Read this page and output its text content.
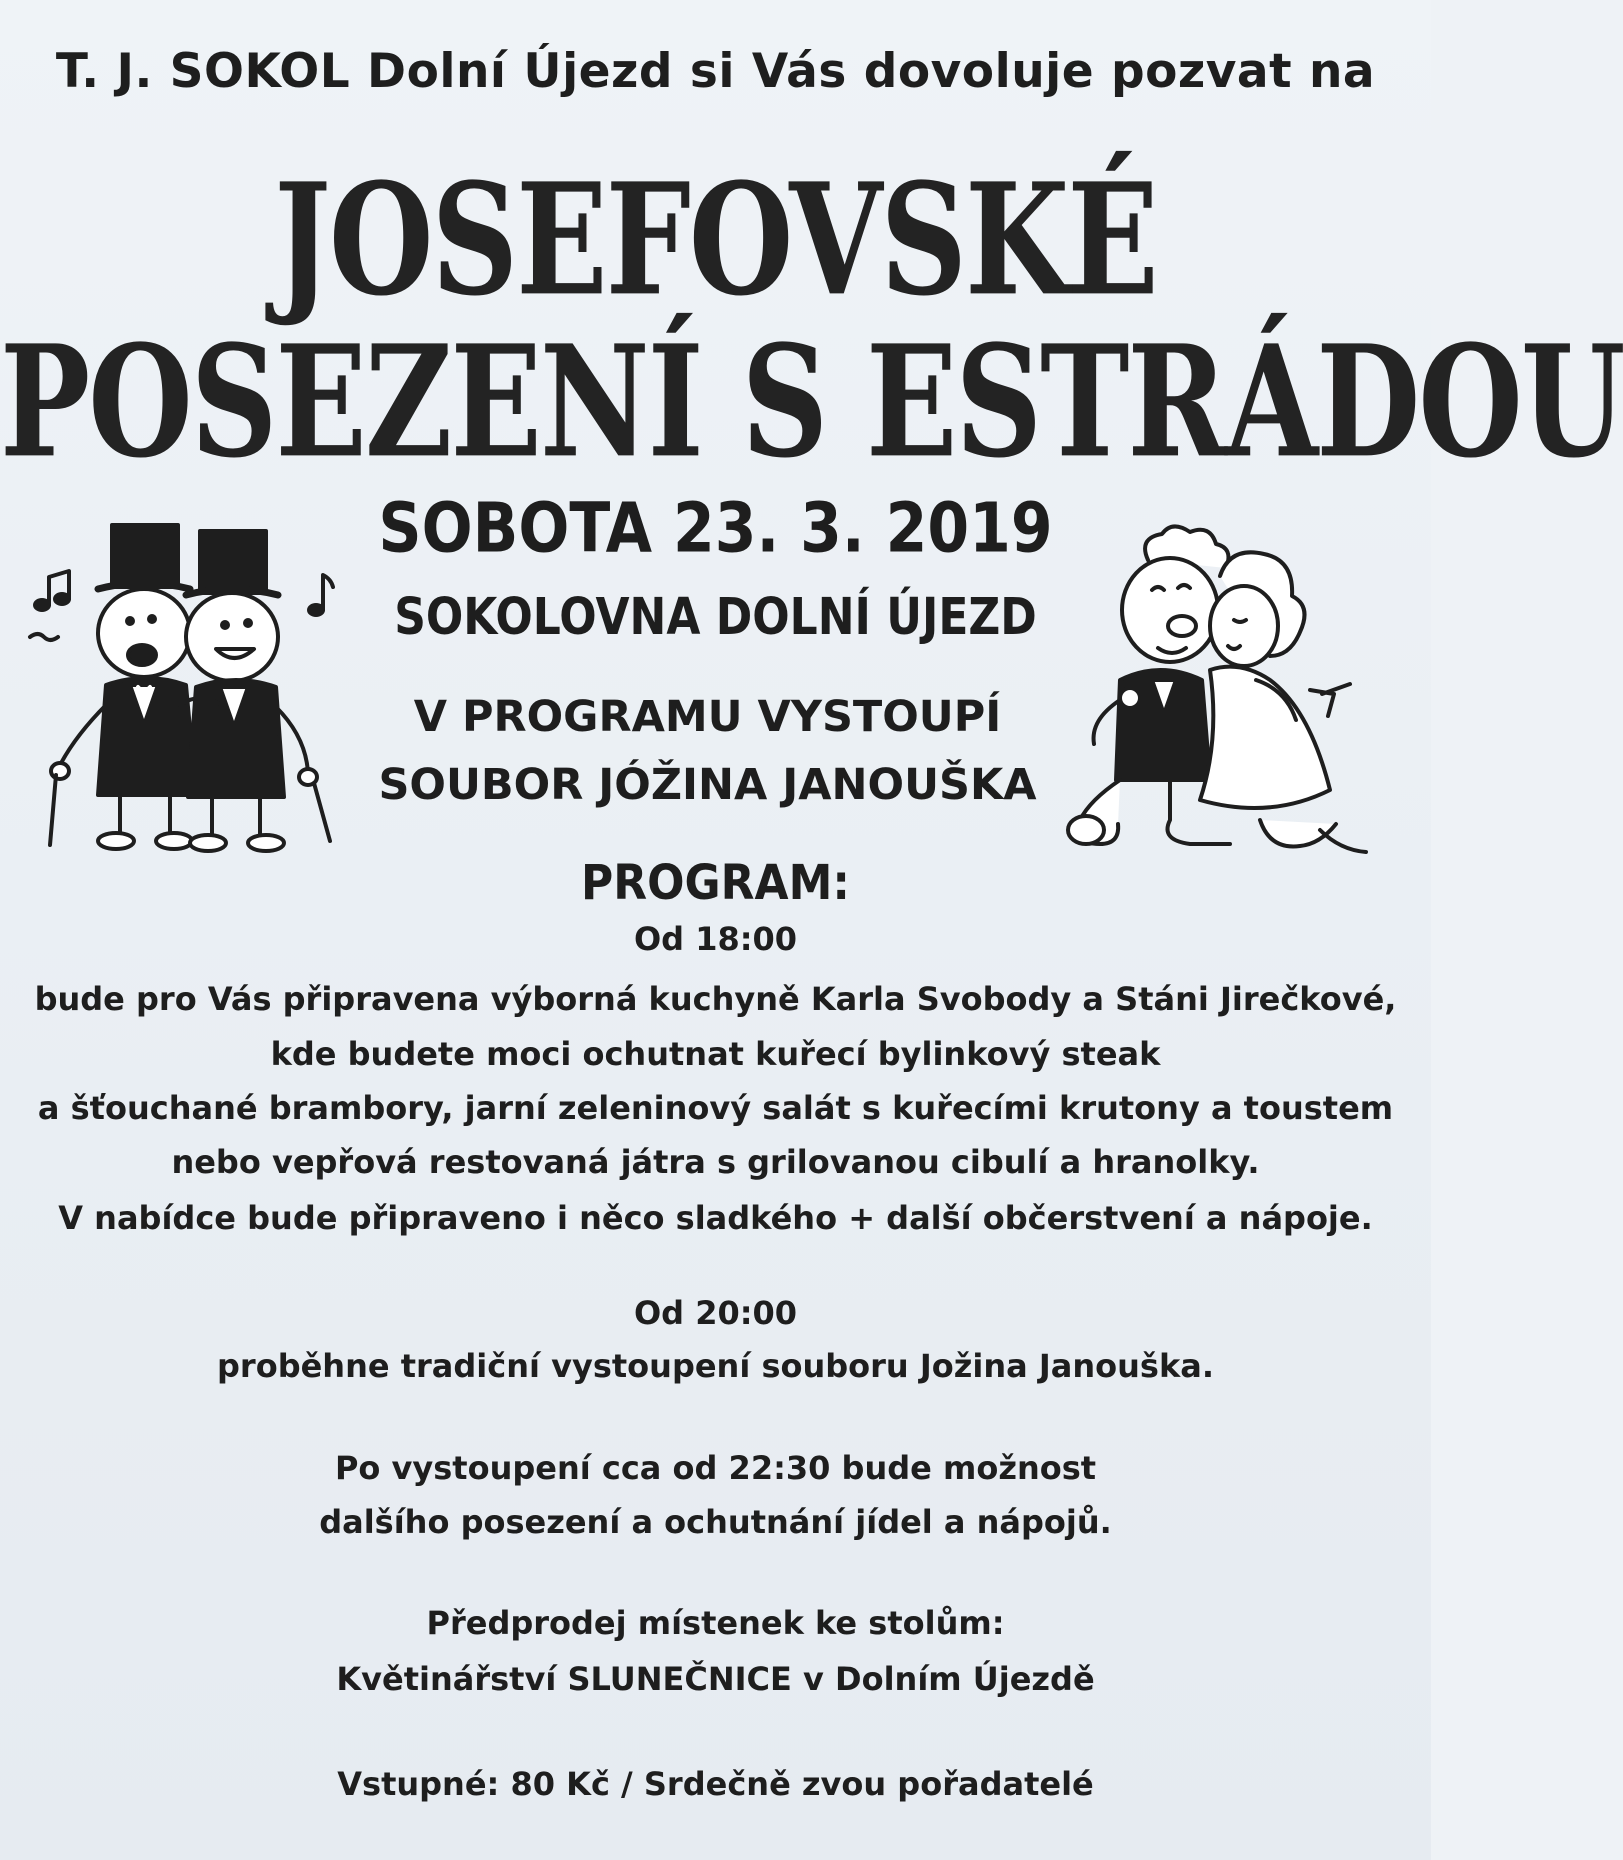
T. J. SOKOL Dolní Újezd si Vás dovoluje pozvat na
JOSEFOVSKÉ
POSEZENÍ S ESTRÁDOU
SOBOTA 23. 3. 2019
SOKOLOVNA DOLNÍ ÚJEZD
V PROGRAMU VYSTOUPÍ
SOUBOR JÓŽINA JANOUŠKA
PROGRAM:
Od 18:00
bude pro Vás připravena výborná kuchyně Karla Svobody a Stáni Jirečkové,
kde budete moci ochutnat kuřecí bylinkový steak
a šťouchané brambory, jarní zeleninový salát s kuřecími krutony a toustem
nebo vepřová restovaná játra s grilovanou cibulí a hranolky.
V nabídce bude připraveno i něco sladkého + další občerstvení a nápoje.
Od 20:00
proběhne tradiční vystoupení souboru Jožina Janouška.
Po vystoupení cca od 22:30 bude možnost
dalšího posezení a ochutnání jídel a nápojů.
Předprodej místenek ke stolům:
Květinářství SLUNEČNICE v Dolním Újezdě
Vstupné: 80 Kč / Srdečně zvou pořadatelé
